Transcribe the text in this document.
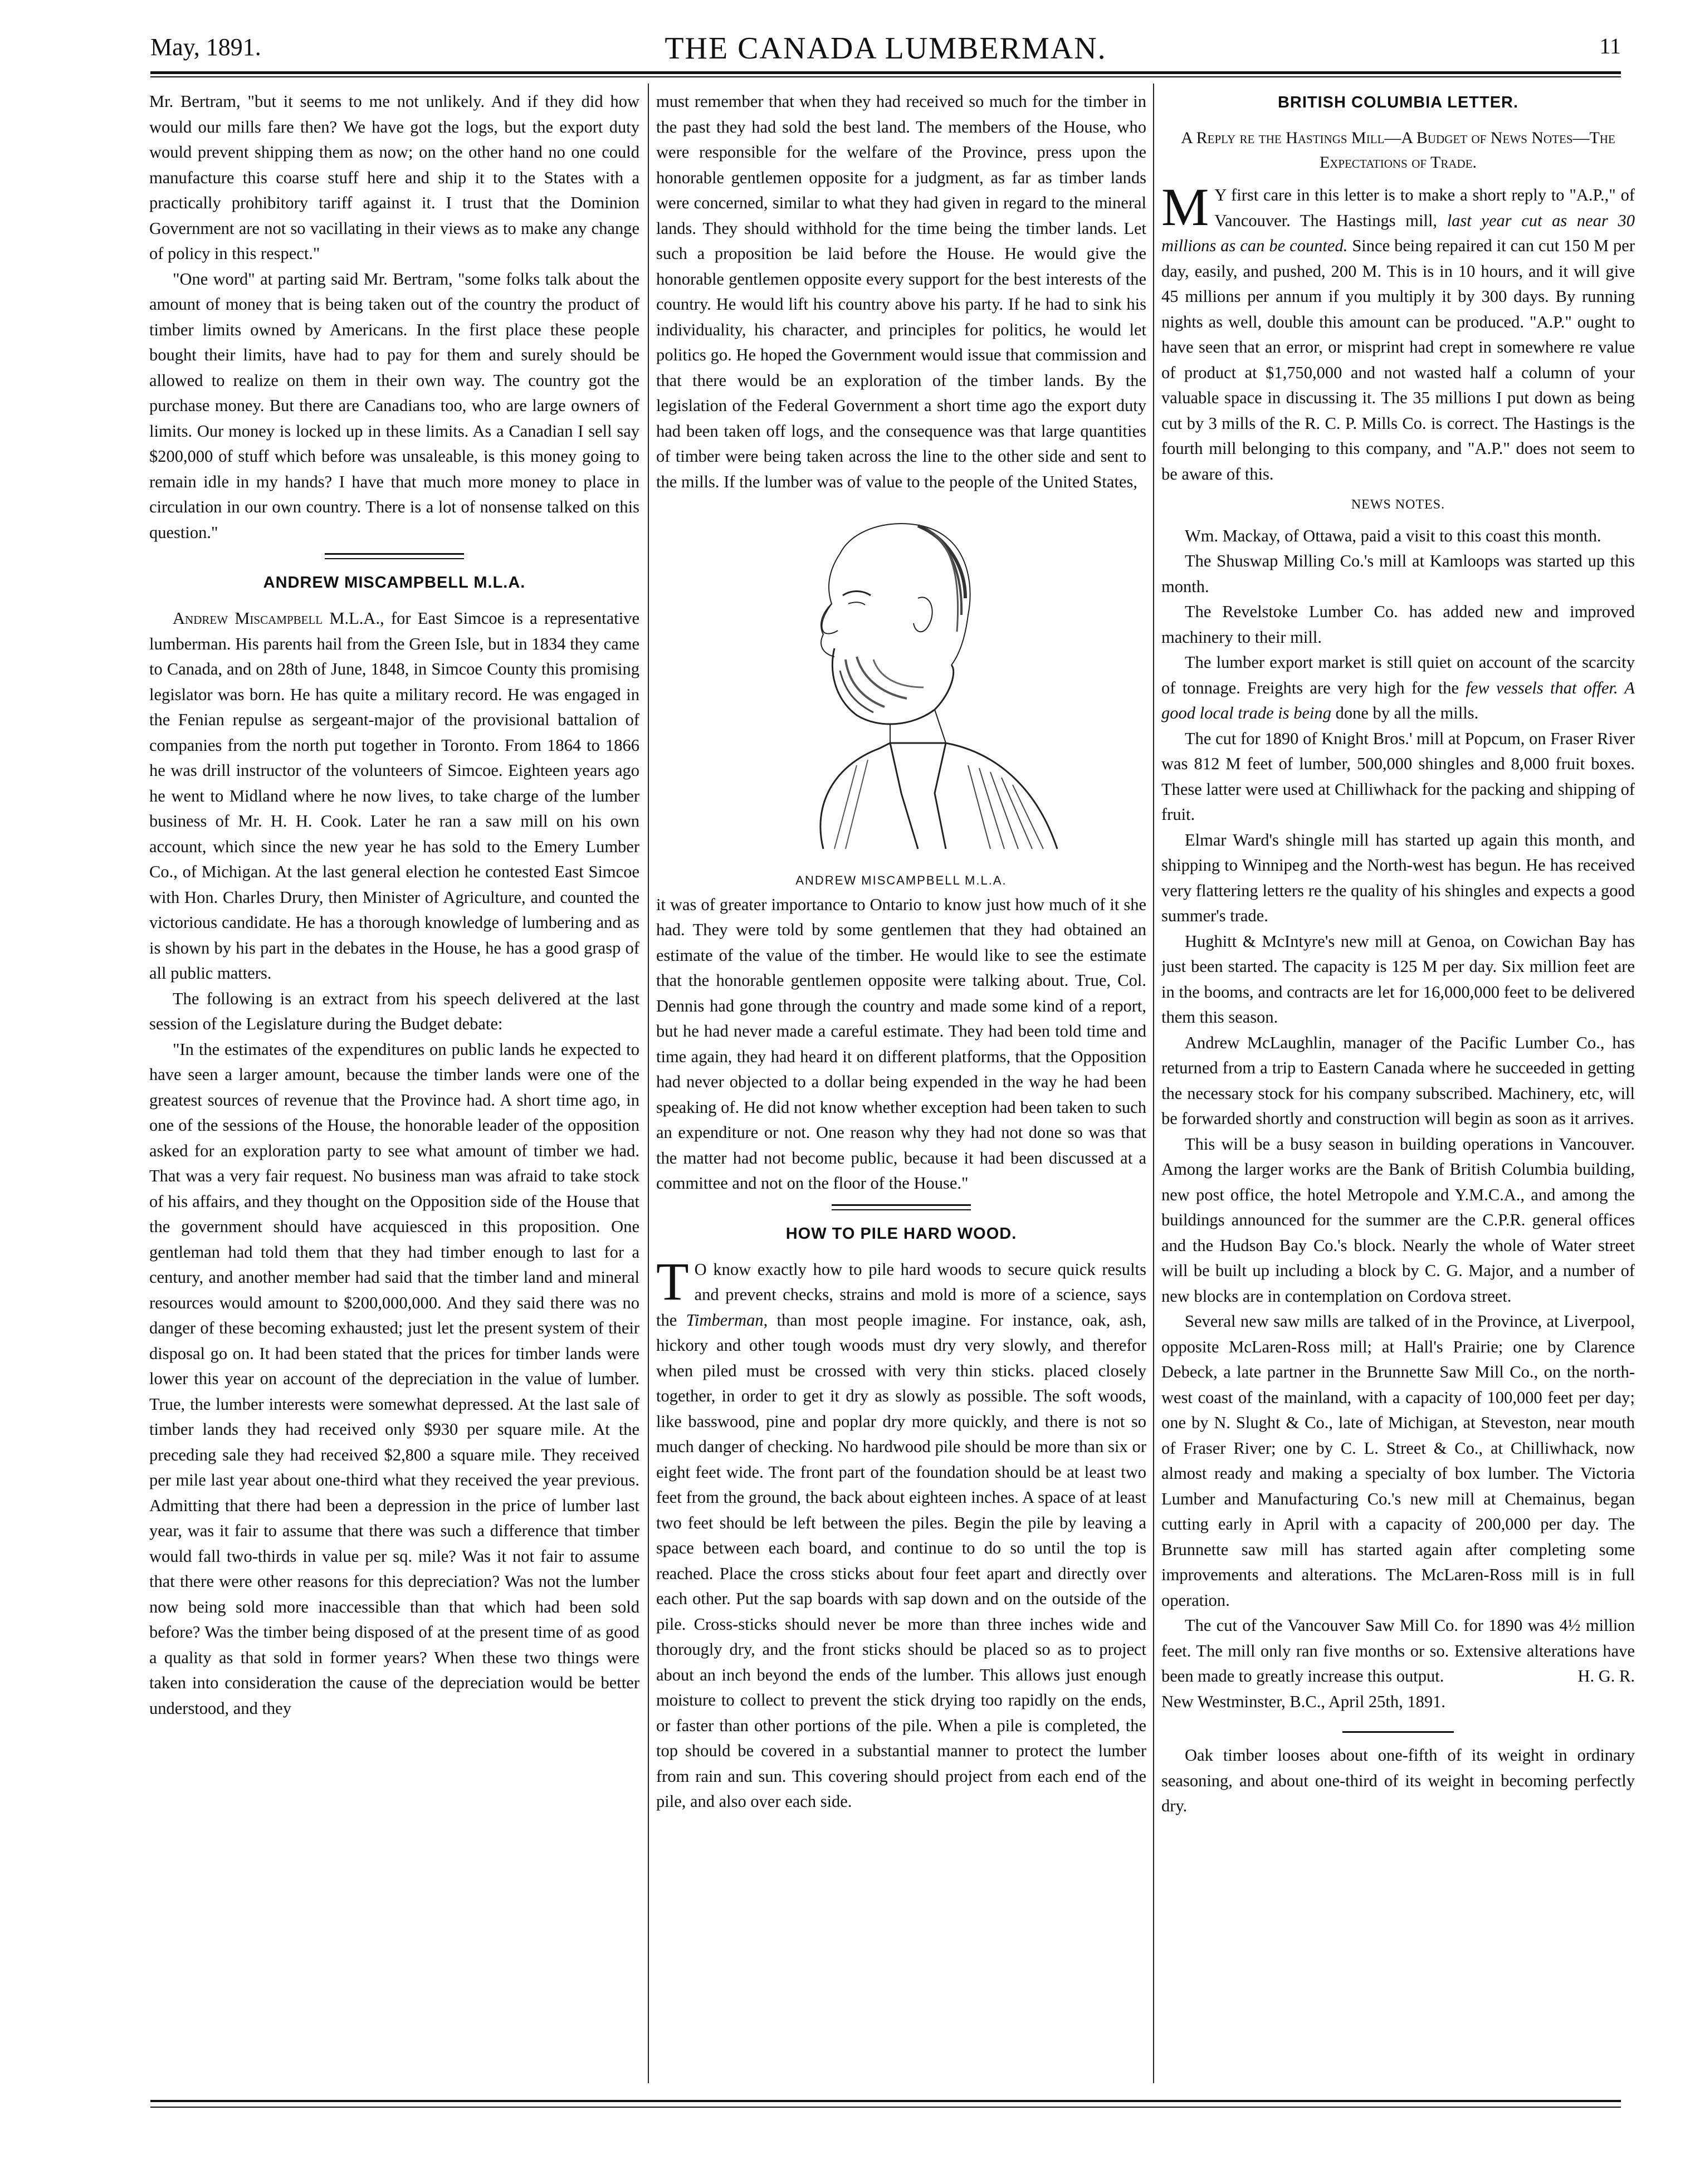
May, 1891.	THE CANADA LUMBERMAN.	11

Mr. Bertram, "but it seems to me not unlikely. And if they did how would our mills fare then? We have got the logs, but the export duty would prevent shipping them as now; on the other hand no one could manufacture this coarse stuff here and ship it to the States with a practically prohibitory tariff against it. I trust that the Dominion Government are not so vacillating in their views as to make any change of policy in this respect."

"One word" at parting said Mr. Bertram, "some folks talk about the amount of money that is being taken out of the country the product of timber limits owned by Americans. In the first place these people bought their limits, have had to pay for them and surely should be allowed to realize on them in their own way. The country got the purchase money. But there are Canadians too, who are large owners of limits. Our money is locked up in these limits. As a Canadian I sell say $200,000 of stuff which before was unsaleable, is this money going to remain idle in my hands? I have that much more money to place in circulation in our own country. There is a lot of nonsense talked on this question."

ANDREW MISCAMPBELL M.L.A.

Andrew Miscampbell M.L.A., for East Simcoe is a representative lumberman. His parents hail from the Green Isle, but in 1834 they came to Canada, and on 28th of June, 1848, in Simcoe County this promising legislator was born. He has quite a military record. He was engaged in the Fenian repulse as sergeant-major of the provisional battalion of companies from the north put together in Toronto. From 1864 to 1866 he was drill instructor of the volunteers of Simcoe. Eighteen years ago he went to Midland where he now lives, to take charge of the lumber business of Mr. H. H. Cook. Later he ran a saw mill on his own account, which since the new year he has sold to the Emery Lumber Co., of Michigan. At the last general election he contested East Simcoe with Hon. Charles Drury, then Minister of Agriculture, and counted the victorious candidate. He has a thorough knowledge of lumbering and as is shown by his part in the debates in the House, he has a good grasp of all public matters.

The following is an extract from his speech delivered at the last session of the Legislature during the Budget debate:

"In the estimates of the expenditures on public lands he expected to have seen a larger amount, because the timber lands were one of the greatest sources of revenue that the Province had. A short time ago, in one of the sessions of the House, the honorable leader of the opposition asked for an exploration party to see what amount of timber we had. That was a very fair request. No business man was afraid to take stock of his affairs, and they thought on the Opposition side of the House that the government should have acquiesced in this proposition. One gentleman had told them that they had timber enough to last for a century, and another member had said that the timber land and mineral resources would amount to $200,000,000. And they said there was no danger of these becoming exhausted; just let the present system of their disposal go on. It had been stated that the prices for timber lands were lower this year on account of the depreciation in the value of lumber. True, the lumber interests were somewhat depressed. At the last sale of timber lands they had received only $930 per square mile. At the preceding sale they had received $2,800 a square mile. They received per mile last year about one-third what they received the year previous. Admitting that there had been a depression in the price of lumber last year, was it fair to assume that there was such a difference that timber would fall two-thirds in value per sq. mile? Was it not fair to assume that there were other reasons for this depreciation? Was not the lumber now being sold more inaccessible than that which had been sold before? Was the timber being disposed of at the present time of as good a quality as that sold in former years? When these two things were taken into consideration the cause of the depreciation would be better understood, and they

must remember that when they had received so much for the timber in the past they had sold the best land. The members of the House, who were responsible for the welfare of the Province, press upon the honorable gentlemen opposite for a judgment, as far as timber lands were concerned, similar to what they had given in regard to the mineral lands. They should withhold for the time being the timber lands. Let such a proposition be laid before the House. He would give the honorable gentlemen opposite every support for the best interests of the country. He would lift his country above his party. If he had to sink his individuality, his character, and principles for politics, he would let politics go. He hoped the Government would issue that commission and that there would be an exploration of the timber lands. By the legislation of the Federal Government a short time ago the export duty had been taken off logs, and the consequence was that large quantities of timber were being taken across the line to the other side and sent to the mills. If the lumber was of value to the people of the United States,

ANDREW MISCAMPBELL M.L.A.

it was of greater importance to Ontario to know just how much of it she had. They were told by some gentlemen that they had obtained an estimate of the value of the timber. He would like to see the estimate that the honorable gentlemen opposite were talking about. True, Col. Dennis had gone through the country and made some kind of a report, but he had never made a careful estimate. They had been told time and time again, they had heard it on different platforms, that the Opposition had never objected to a dollar being expended in the way he had been speaking of. He did not know whether exception had been taken to such an expenditure or not. One reason why they had not done so was that the matter had not become public, because it had been discussed at a committee and not on the floor of the House."

HOW TO PILE HARD WOOD.

T O know exactly how to pile hard woods to secure quick results and prevent checks, strains and mold is more of a science, says the Timberman, than most people imagine. For instance, oak, ash, hickory and other tough woods must dry very slowly, and therefor when piled must be crossed with very thin sticks. placed closely together, in order to get it dry as slowly as possible. The soft woods, like basswood, pine and poplar dry more quickly, and there is not so much danger of checking. No hardwood pile should be more than six or eight feet wide. The front part of the foundation should be at least two feet from the ground, the back about eighteen inches. A space of at least two feet should be left between the piles. Begin the pile by leaving a space between each board, and continue to do so until the top is reached. Place the cross sticks about four feet apart and directly over each other. Put the sap boards with sap down and on the outside of the pile. Cross-sticks should never be more than three inches wide and thorougly dry, and the front sticks should be placed so as to project about an inch beyond the ends of the lumber. This allows just enough moisture to collect to prevent the stick drying too rapidly on the ends, or faster than other portions of the pile. When a pile is completed, the top should be covered in a substantial manner to protect the lumber from rain and sun. This covering should project from each end of the pile, and also over each side.

BRITISH COLUMBIA LETTER.
A Reply re the Hastings Mill—A Budget of News Notes—The Expectations of Trade.

M Y first care in this letter is to make a short reply to "A.P.," of Vancouver. The Hastings mill, last year cut as near 30 millions as can be counted. Since being repaired it can cut 150 M per day, easily, and pushed, 200 M. This is in 10 hours, and it will give 45 millions per annum if you multiply it by 300 days. By running nights as well, double this amount can be produced. "A.P." ought to have seen that an error, or misprint had crept in somewhere re value of product at $1,750,000 and not wasted half a column of your valuable space in discussing it. The 35 millions I put down as being cut by 3 mills of the R. C. P. Mills Co. is correct. The Hastings is the fourth mill belonging to this company, and "A.P." does not seem to be aware of this.

NEWS NOTES.

Wm. Mackay, of Ottawa, paid a visit to this coast this month.

The Shuswap Milling Co.'s mill at Kamloops was started up this month.

The Revelstoke Lumber Co. has added new and improved machinery to their mill.

The lumber export market is still quiet on account of the scarcity of tonnage. Freights are very high for the few vessels that offer. A good local trade is being done by all the mills.

The cut for 1890 of Knight Bros.' mill at Popcum, on Fraser River was 812 M feet of lumber, 500,000 shingles and 8,000 fruit boxes. These latter were used at Chilliwhack for the packing and shipping of fruit.

Elmar Ward's shingle mill has started up again this month, and shipping to Winnipeg and the North-west has begun. He has received very flattering letters re the quality of his shingles and expects a good summer's trade.

Hughitt & McIntyre's new mill at Genoa, on Cowichan Bay has just been started. The capacity is 125 M per day. Six million feet are in the booms, and contracts are let for 16,000,000 feet to be delivered them this season.

Andrew McLaughlin, manager of the Pacific Lumber Co., has returned from a trip to Eastern Canada where he succeeded in getting the necessary stock for his company subscribed. Machinery, etc, will be forwarded shortly and construction will begin as soon as it arrives.

This will be a busy season in building operations in Vancouver. Among the larger works are the Bank of British Columbia building, new post office, the hotel Metropole and Y.M.C.A., and among the buildings announced for the summer are the C.P.R. general offices and the Hudson Bay Co.'s block. Nearly the whole of Water street will be built up including a block by C. G. Major, and a number of new blocks are in contemplation on Cordova street.

Several new saw mills are talked of in the Province, at Liverpool, opposite McLaren-Ross mill; at Hall's Prairie; one by Clarence Debeck, a late partner in the Brunnette Saw Mill Co., on the north-west coast of the mainland, with a capacity of 100,000 feet per day; one by N. Slught & Co., late of Michigan, at Steveston, near mouth of Fraser River; one by C. L. Street & Co., at Chilliwhack, now almost ready and making a specialty of box lumber. The Victoria Lumber and Manufacturing Co.'s new mill at Chemainus, began cutting early in April with a capacity of 200,000 per day. The Brunnette saw mill has started again after completing some improvements and alterations. The McLaren-Ross mill is in full operation.

The cut of the Vancouver Saw Mill Co. for 1890 was 4½ million feet. The mill only ran five months or so. Extensive alterations have been made to greatly increase this output.	H. G. R.

New Westminster, B.C., April 25th, 1891.

Oak timber looses about one-fifth of its weight in ordinary seasoning, and about one-third of its weight in becoming perfectly dry.
